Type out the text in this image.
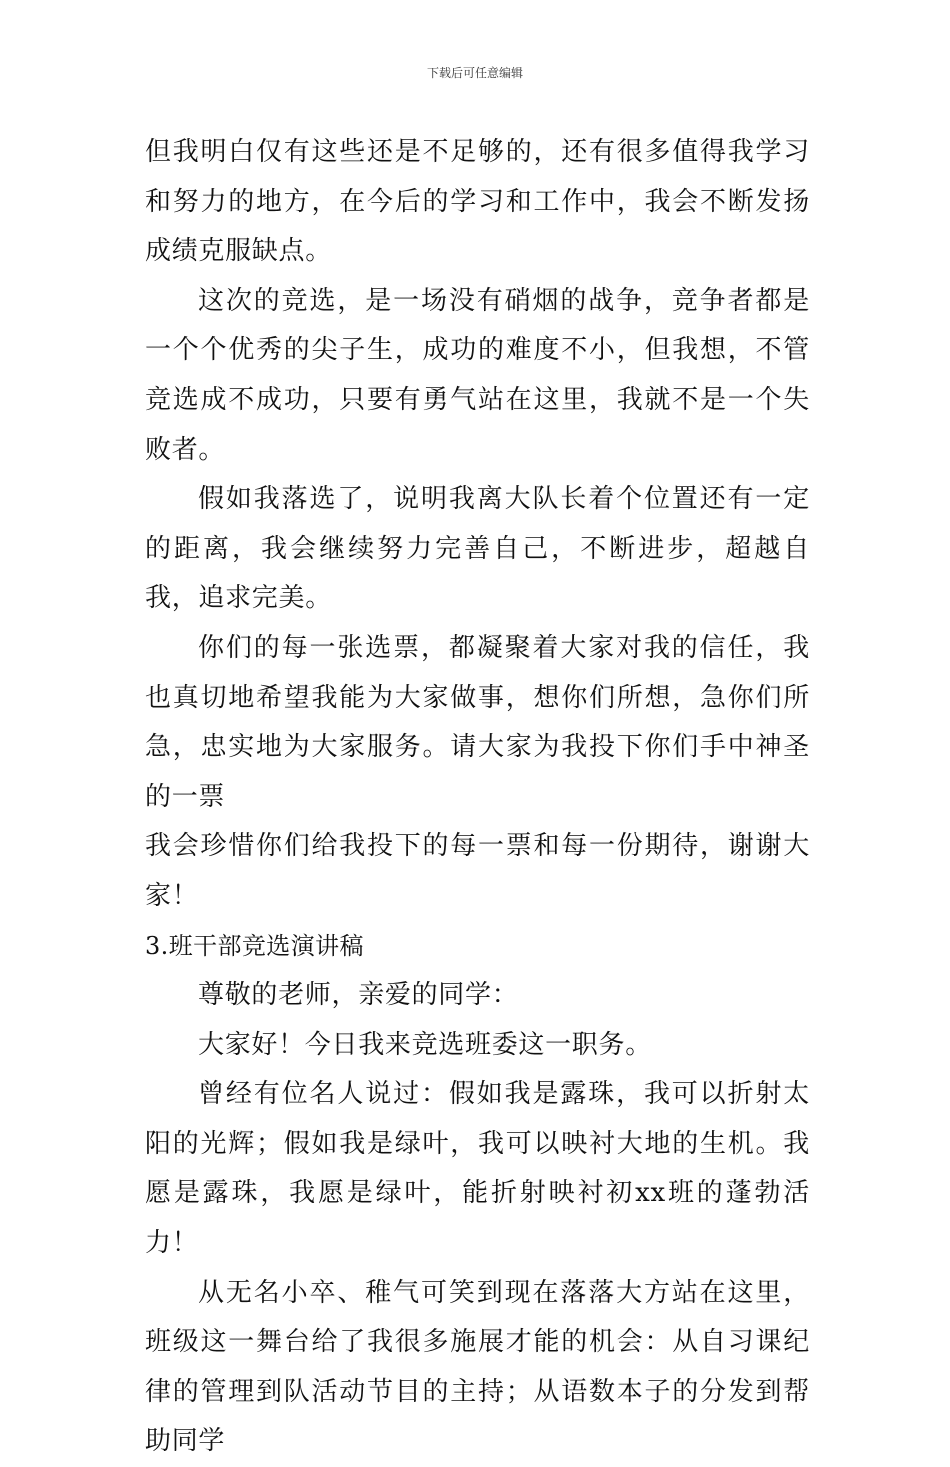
下载后可任意编辑

但我明白仅有这些还是不足够的，还有很多值得我学习和努力的地方，在今后的学习和工作中，我会不断发扬成绩克服缺点。

这次的竞选，是一场没有硝烟的战争，竞争者都是一个个优秀的尖子生，成功的难度不小，但我想，不管竞选成不成功，只要有勇气站在这里，我就不是一个失败者。

假如我落选了，说明我离大队长着个位置还有一定的距离，我会继续努力完善自己，不断进步，超越自我，追求完美。

你们的每一张选票，都凝聚着大家对我的信任，我也真切地希望我能为大家做事，想你们所想，急你们所急，忠实地为大家服务。请大家为我投下你们手中神圣的一票

我会珍惜你们给我投下的每一票和每一份期待，谢谢大家！

3.班干部竞选演讲稿

尊敬的老师，亲爱的同学：

大家好！今日我来竞选班委这一职务。

曾经有位名人说过：假如我是露珠，我可以折射太阳的光辉；假如我是绿叶，我可以映衬大地的生机。我愿是露珠，我愿是绿叶，能折射映衬初xx班的蓬勃活力！

从无名小卒、稚气可笑到现在落落大方站在这里，班级这一舞台给了我很多施展才能的机会：从自习课纪律的管理到队活动节目的主持；从语数本子的分发到帮助同学
